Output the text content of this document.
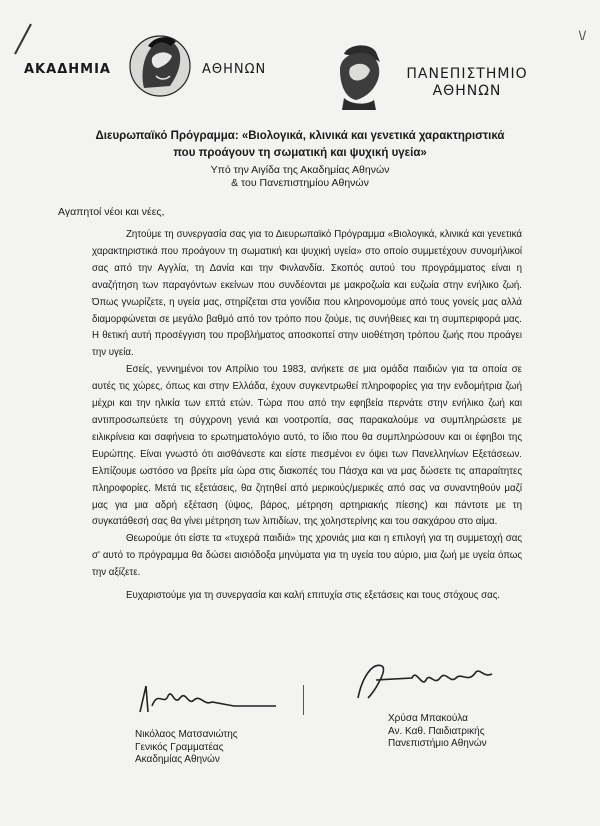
\/
ΑΚΑΔΗΜΙΑ	ΑΘΗΝΩΝ	ΠΑΝΕΠΙΣΤΗΜΙΟ
ΑΘΗΝΩΝ
Διευρωπαϊκό Πρόγραμμα: «Βιολογικά, κλινικά και γενετικά χαρακτηριστικά
που προάγουν τη σωματική και ψυχική υγεία»
Υπό την Αιγίδα της Ακαδημίας Αθηνών
& του Πανεπιστημίου Αθηνών
Αγαπητοί νέοι και νέες,

Ζητούμε τη συνεργασία σας για το Διευρωπαϊκό Πρόγραμμα «Βιολογικά, κλινικά και γενετικά χαρακτηριστικά που προάγουν τη σωματική και ψυχική υγεία» στο οποίο συμμετέχουν συνομήλικοί σας από την Αγγλία, τη Δανία και την Φινλανδία. Σκοπός αυτού του προγράμματος είναι η αναζήτηση των παραγόντων εκείνων που συνδέονται με μακροζωία και ευζωία στην ενήλικο ζωή. Όπως γνωρίζετε, η υγεία μας, στηρίζεται στα γονίδια που κληρονομούμε από τους γονείς μας αλλά διαμορφώνεται σε μεγάλο βαθμό από τον τρόπο που ζούμε, τις συνήθειες και τη συμπεριφορά μας. Η θετική αυτή προσέγγιση του προβλήματος αποσκοπεί στην υιοθέτηση τρόπου ζωής που προάγει την υγεία.

Εσείς, γεννημένοι τον Απρίλιο του 1983, ανήκετε σε μια ομάδα παιδιών για τα οποία σε αυτές τις χώρες, όπως και στην Ελλάδα, έχουν συγκεντρωθεί πληροφορίες για την ενδομήτρια ζωή μέχρι και την ηλικία των επτά ετών. Τώρα που από την εφηβεία περνάτε στην ενήλικο ζωή και αντιπροσωπεύετε τη σύγχρονη γενιά και νοοτροπία, σας παρακαλούμε να συμπληρώσετε με ειλικρίνεια και σαφήνεια το ερωτηματολόγιο αυτό, το ίδιο που θα συμπληρώσουν και οι έφηβοι της Ευρώπης. Είναι γνωστό ότι αισθάνεστε και είστε πιεσμένοι εν όψει των Πανελληνίων Εξετάσεων. Ελπίζουμε ωστόσο να βρείτε μία ώρα στις διακοπές του Πάσχα και να μας δώσετε τις απαραίτητες πληροφορίες. Μετά τις εξετάσεις, θα ζητηθεί από μερικούς/μερικές από σας να συναντηθούν μαζί μας για μια αδρή εξέταση (ύψος, βάρος, μέτρηση αρτηριακής πίεσης) και πάντοτε με τη συγκατάθεσή σας θα γίνει μέτρηση των λιπιδίων, της χοληστερίνης και του σακχάρου στο αίμα.

Θεωρούμε ότι είστε τα «τυχερά παιδιά» της χρονιάς μια και η επιλογή για τη συμμετοχή σας σ' αυτό το πρόγραμμα θα δώσει αισιόδοξα μηνύματα για τη υγεία του αύριο, μια ζωή με υγεία όπως την αξίζετε.

Ευχαριστούμε για τη συνεργασία και καλή επιτυχία στις εξετάσεις και τους στόχους σας.

Νικόλαος Ματσανιώτης
Γενικός Γραμματέας
Ακαδημίας Αθηνών
Χρύσα Μπακούλα
Αν. Καθ. Παιδιατρικής
Πανεπιστήμιο Αθηνών
